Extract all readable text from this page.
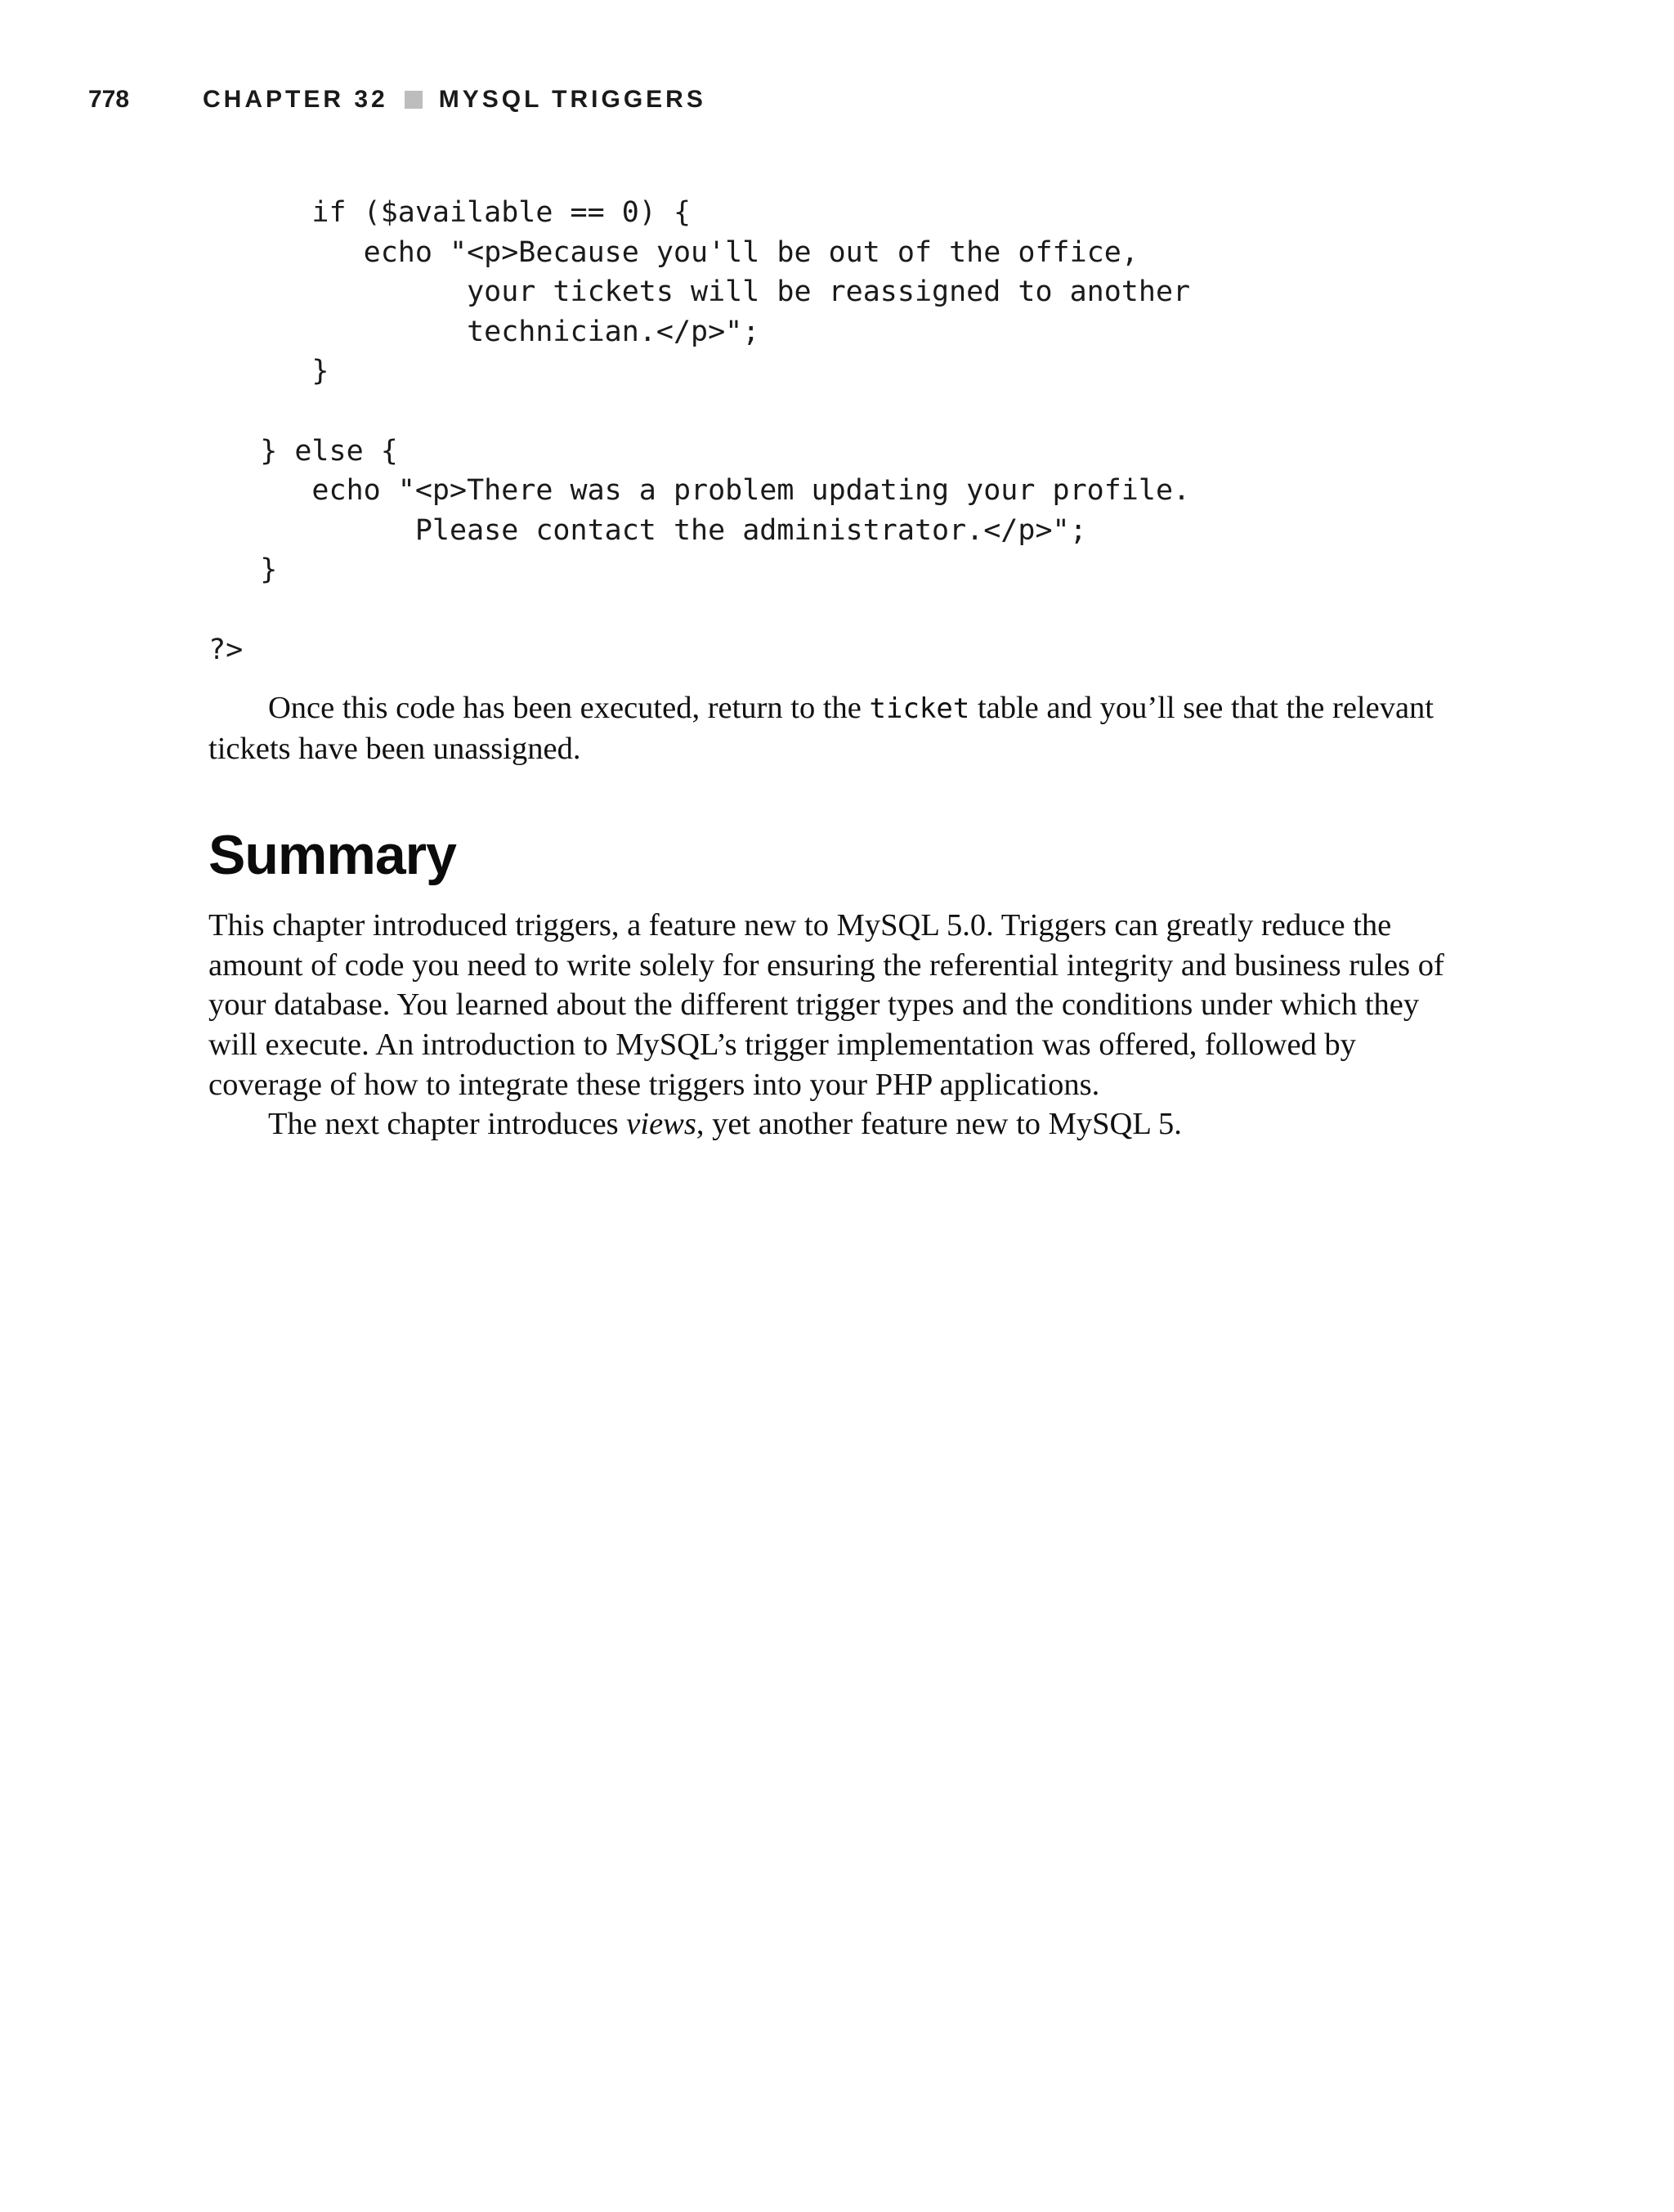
778	CHAPTER 32 MYSQL TRIGGERS
if ($available == 0) {
echo "<p>Because you'll be out of the office,
your tickets will be reassigned to another
technician.</p>";
}
} else {
echo "<p>There was a problem updating your profile.
Please contact the administrator.</p>";
}
?>

Once this code has been executed, return to the ticket table and you’ll see that the relevant tickets have been unassigned.

Summary

This chapter introduced triggers, a feature new to MySQL 5.0. Triggers can greatly reduce the amount of code you need to write solely for ensuring the referential integrity and business rules of your database. You learned about the different trigger types and the conditions under which they will execute. An introduction to MySQL’s trigger implementation was offered, followed by coverage of how to integrate these triggers into your PHP applications.

The next chapter introduces views, yet another feature new to MySQL 5.
